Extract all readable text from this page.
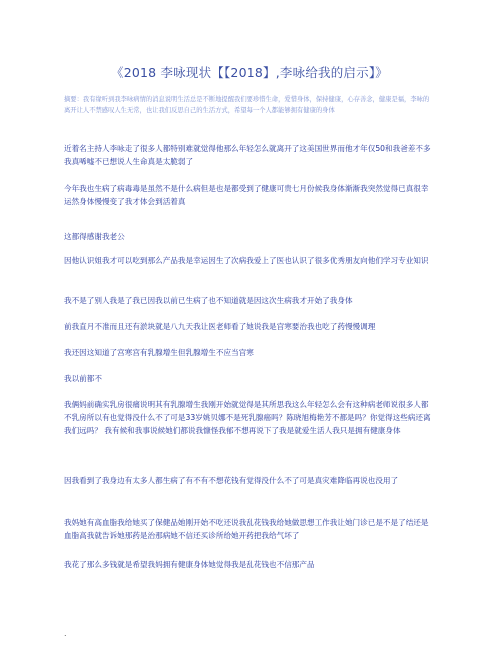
《2018 李咏现状【【2018】,李咏给我的启示】》
摘要：我有缘听到我李咏病情的消息说明生活总是不断地提醒我们要珍惜生命，爱惜身体，保持健康，心存善念，健康是福，李咏的离开让人不禁感叹人生无常，也让我们反思自己的生活方式，希望每一个人都能够拥有健康的身体
近着名主持人李咏走了很多人都特别难就觉得他那么年轻怎么就离开了这美国世界而他才年仅50和我爸差不多我真唏嘘不已想说人生命真是太脆弱了
今年我也生病了病毒毒是虽然不是什么病但是也是都受到了健康可贵七月份候我身体渐渐我突然觉得已真很幸运然身体慢慢变了我才体会到活着真
这都得感谢我老公
因他认识姐我才可以吃到那么产品我是幸运因生了次病我爱上了医也认识了很多优秀朋友向他们学习专业知识
我不是了别人我是了我已因我以前已生病了也不知道就是因这次生病我才开始了我身体
前我直月不准而且还有淤块就是八九天我让医老师看了她说我是宫寒要治我也吃了药慢慢调理
我还因这知道了宫寒宫有乳腺增生但乳腺增生不应当宫寒
我以前都不
我俩妈前确实乳房很痛说明其有乳腺增生我刚开始就觉得是其所思我这么年轻怎么会有这种病老师说很多人都不乳房所以有也觉得没什么不了可是33岁姚贝娜不是死乳腺癌吗？陈晓旭梅艳芳不都是吗？你觉得这些病还离我们远吗？ 我有候和我事说候她们都说我慷怪我郁不想再说下了我是就爱生活人我只是拥有健康身体
因我看到了我身边有太多人都生病了有不有不想花钱有觉得没什么不了可是真灾难降临再说也没用了
我妈她有高血脂我给她买了保健品她刚开始不吃还说我乱花钱我给她做思想工作我让她门诊已是不是了结还是血脂高我就告诉她那药是治那病她不信还买诊所给她开药把我给气坏了
我花了那么多钱就是希望我妈拥有健康身体她觉得我是乱花钱也不信那产品
.
